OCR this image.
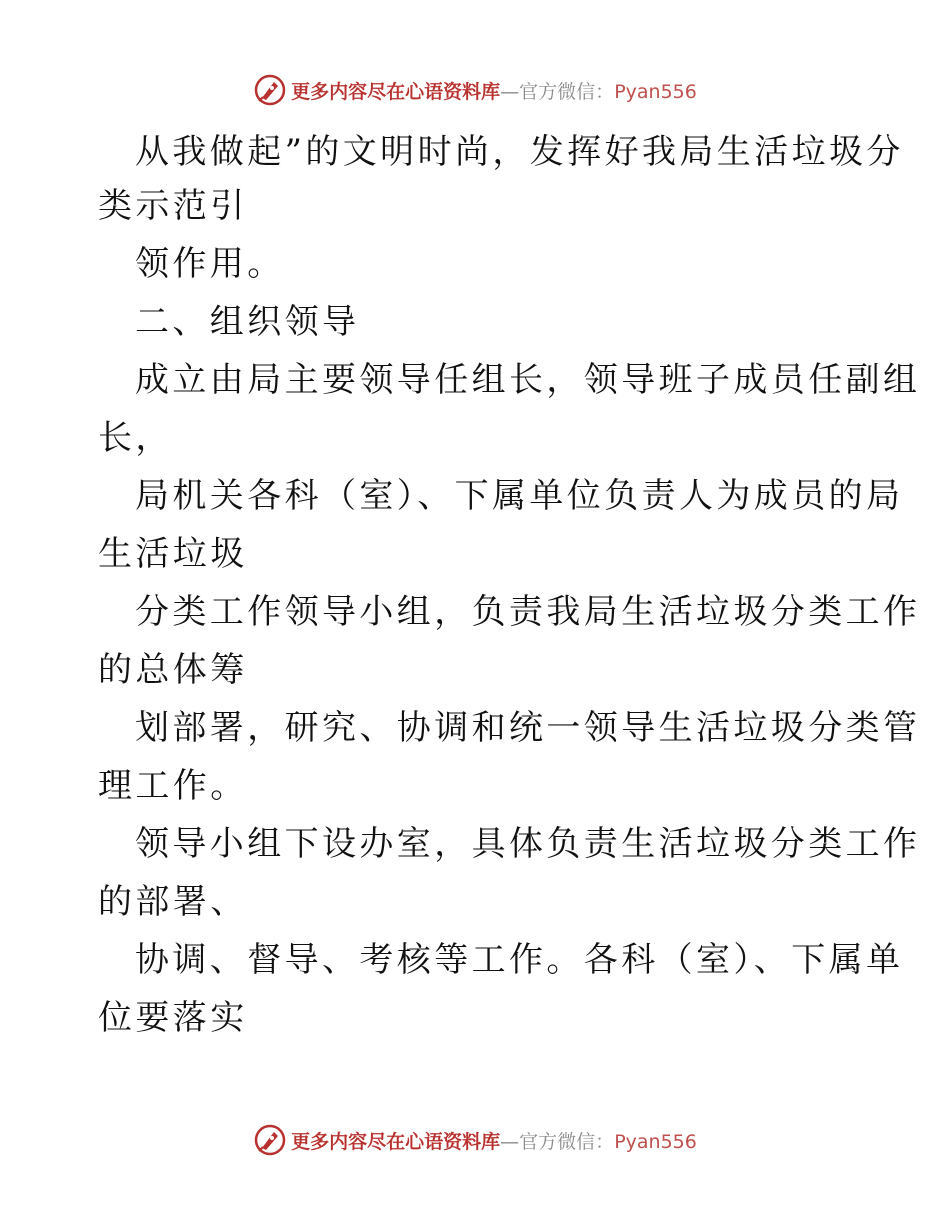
更多内容尽在心语资料库—官方微信：Pyan556
从我做起”的文明时尚，发挥好我局生活垃圾分
类示范引
领作用。
二、组织领导
成立由局主要领导任组长，领导班子成员任副组
长，
局机关各科（室）、下属单位负责人为成员的局
生活垃圾
分类工作领导小组，负责我局生活垃圾分类工作
的总体筹
划部署，研究、协调和统一领导生活垃圾分类管
理工作。
领导小组下设办室，具体负责生活垃圾分类工作
的部署、
协调、督导、考核等工作。各科（室）、下属单
位要落实
更多内容尽在心语资料库—官方微信：Pyan556
